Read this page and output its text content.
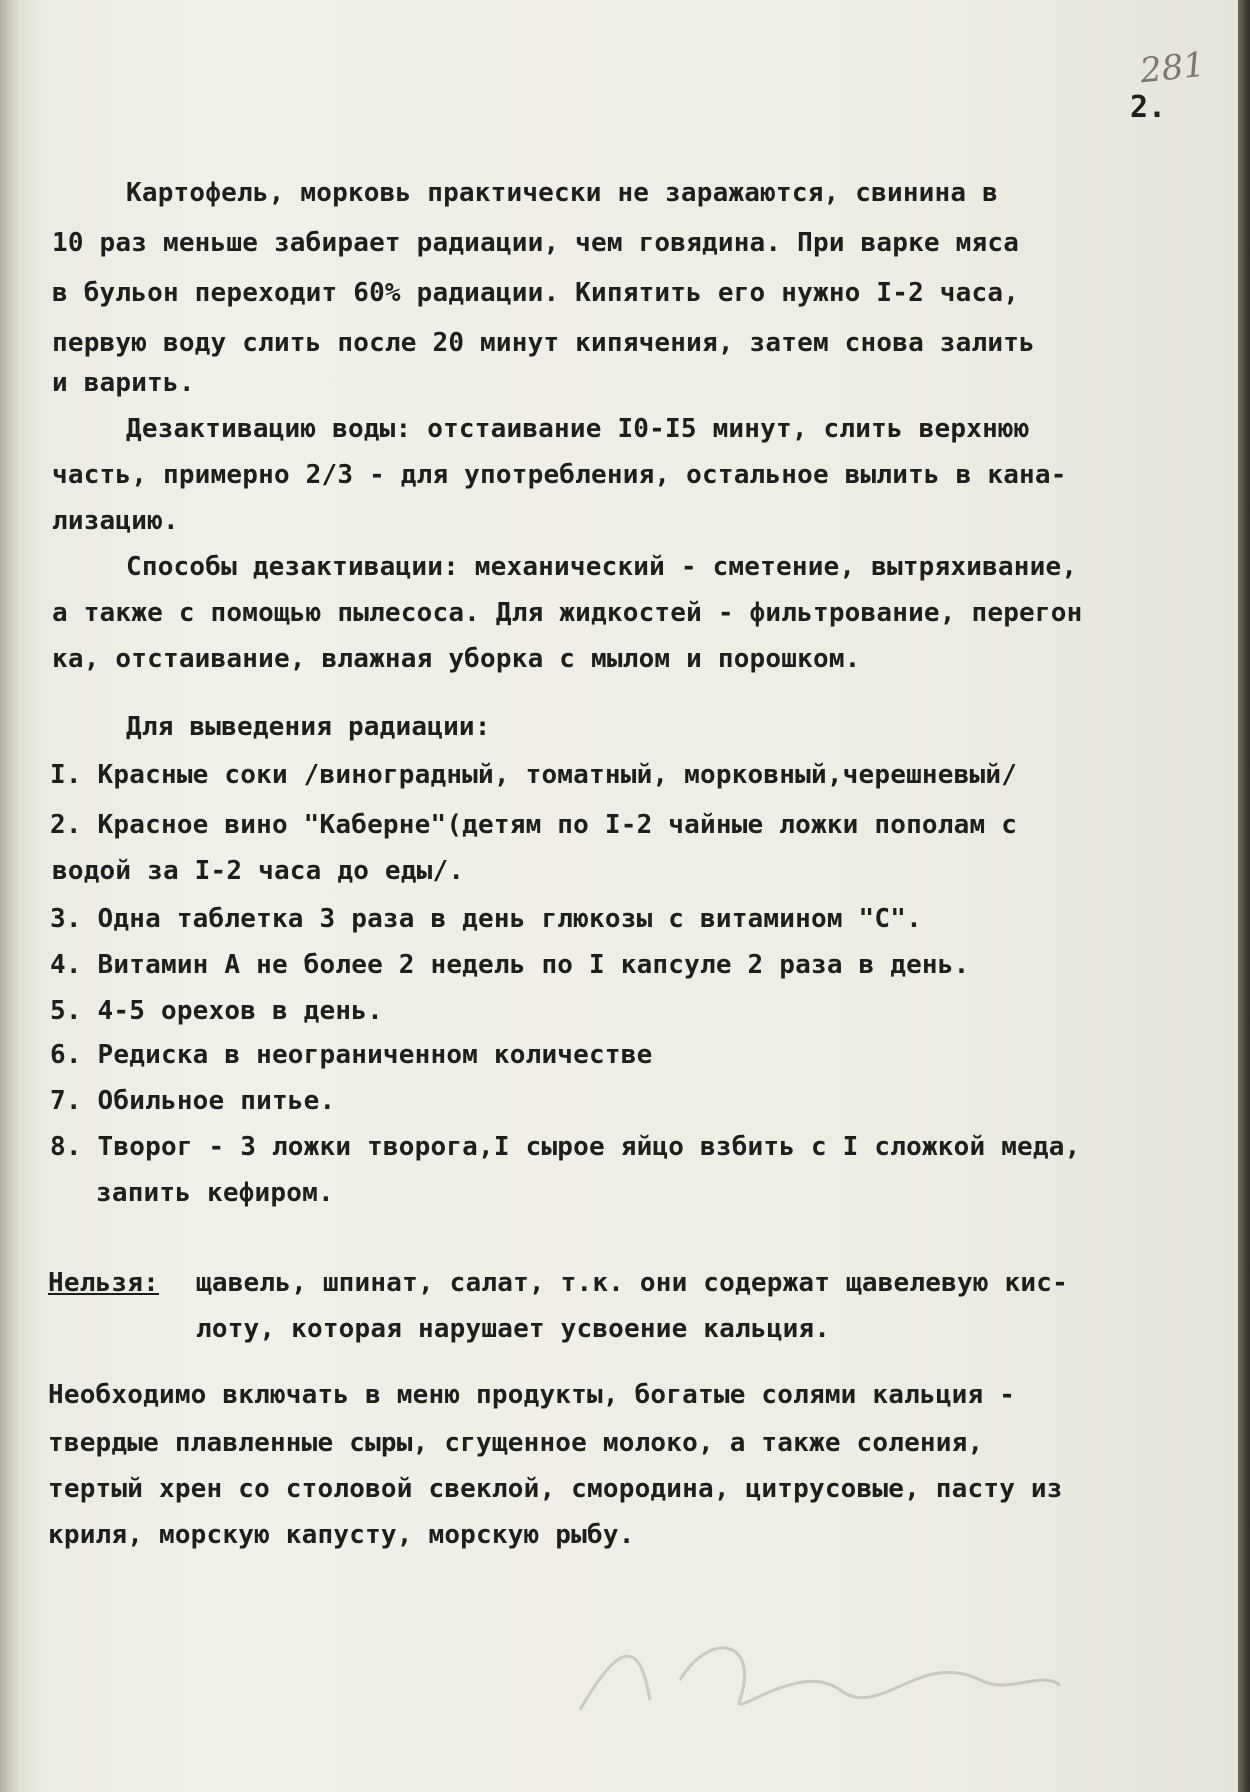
281
2.
Картофель, морковь практически не заражаются, свинина в
10 раз меньше забирает радиации, чем говядина. При варке мяса
в бульон переходит 60% радиации. Кипятить его нужно I-2 часа,
первую воду слить после 20 минут кипячения, затем снова залить
и варить.
Дезактивацию воды: отстаивание I0-I5 минут, слить верхнюю
часть, примерно 2/3 - для употребления, остальное вылить в кана-
лизацию.
Способы дезактивации: механический - сметение, вытряхивание,
а также с помощью пылесоса. Для жидкостей - фильтрование, перегон
ка, отстаивание, влажная уборка с мылом и порошком.
Для выведения радиации:
I. Красные соки /виноградный, томатный, морковный,черешневый/
2. Красное вино "Каберне"(детям по I-2 чайные ложки пополам с
водой за I-2 часа до еды/.
3. Одна таблетка 3 раза в день глюкозы с витамином "С".
4. Витамин А не более 2 недель по I капсуле 2 раза в день.
5. 4-5 орехов в день.
6. Редиска в неограниченном количестве
7. Обильное питье.
8. Творог - 3 ложки творога,I сырое яйцо взбить с I сложкой меда,
запить кефиром.
Нельзя: щавель, шпинат, салат, т.к. они содержат щавелевую кис-
лоту, которая нарушает усвоение кальция.
Необходимо включать в меню продукты, богатые солями кальция -
твердые плавленные сыры, сгущенное молоко, а также соления,
тертый хрен со столовой свеклой, смородина, цитрусовые, пасту из
криля, морскую капусту, морскую рыбу.
